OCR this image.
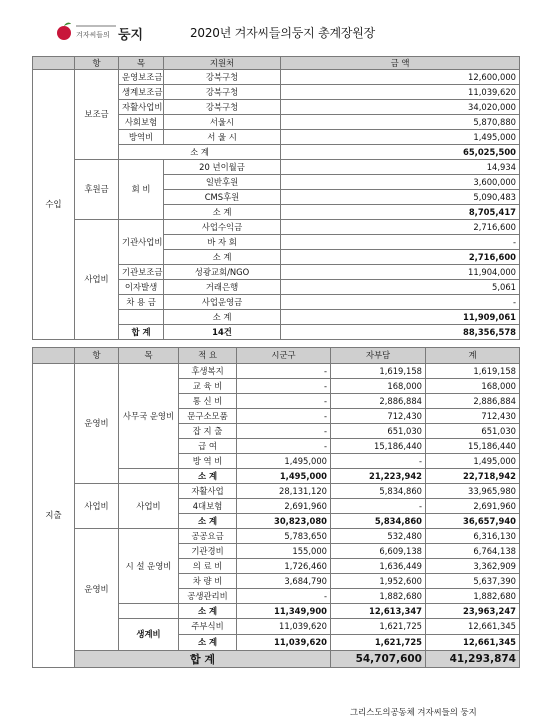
겨자씨들의 둥지	2020년 겨자씨들의둥지 총계장원장
	항	목	지원처	금 액
수입	보조금	운영보조금	강북구청	12,600,000
		생계보조금	강북구청	11,039,620
		자활사업비	강북구청	34,020,000
		사회보험	서울시	5,870,880
		방역비	서 울 시	1,495,000
		소 계		65,025,500
	후원금	회 비	20 년이월금	14,934
			일반후원	3,600,000
			CMS후원	5,090,483
			소 계	8,705,417
	사업비	기관사업비	사업수익금	2,716,600
			바 자 회	-
			소 계	2,716,600
		기관보조금	성광교회/NGO	11,904,000
		이자발생	거래은행	5,061
		차 용 금	사업운영금	-
			소 계	11,909,061
		합 계	14건	88,356,578
	항	목	적 요	시군구	자부담	계	
지출	운영비	사무국 운영비	후생복지	-	1,619,158	1,619,158	
			교 육 비	-	168,000	168,000	
			통 신 비	-	2,886,884	2,886,884	
			문구소모품	-	712,430	712,430	
			잡 지 출	-	651,030	651,030	
			급 여	-	15,186,440	15,186,440	
			방 역 비	1,495,000	-	1,495,000	
			소 계	1,495,000	21,223,942	22,718,942	
	사업비	사업비	자활사업	28,131,120	5,834,860	33,965,980	
			4대보험	2,691,960	-	2,691,960	
			소 계	30,823,080	5,834,860	36,657,940	
	운영비	시 설 운영비	공공요금	5,783,650	532,480	6,316,130	
			기관경비	155,000	6,609,138	6,764,138	
			의 료 비	1,726,460	1,636,449	3,362,909	
			차 량 비	3,684,790	1,952,600	5,637,390	
			공생관리비	-	1,882,680	1,882,680	
			소 계	11,349,900	12,613,347	23,963,247	
		생계비	주부식비	11,039,620	1,621,725	12,661,345	
			소 계	11,039,620	1,621,725	12,661,345	
	합 계				54,707,600	41,293,874	
그리스도의공동체 겨자씨들의 둥지
